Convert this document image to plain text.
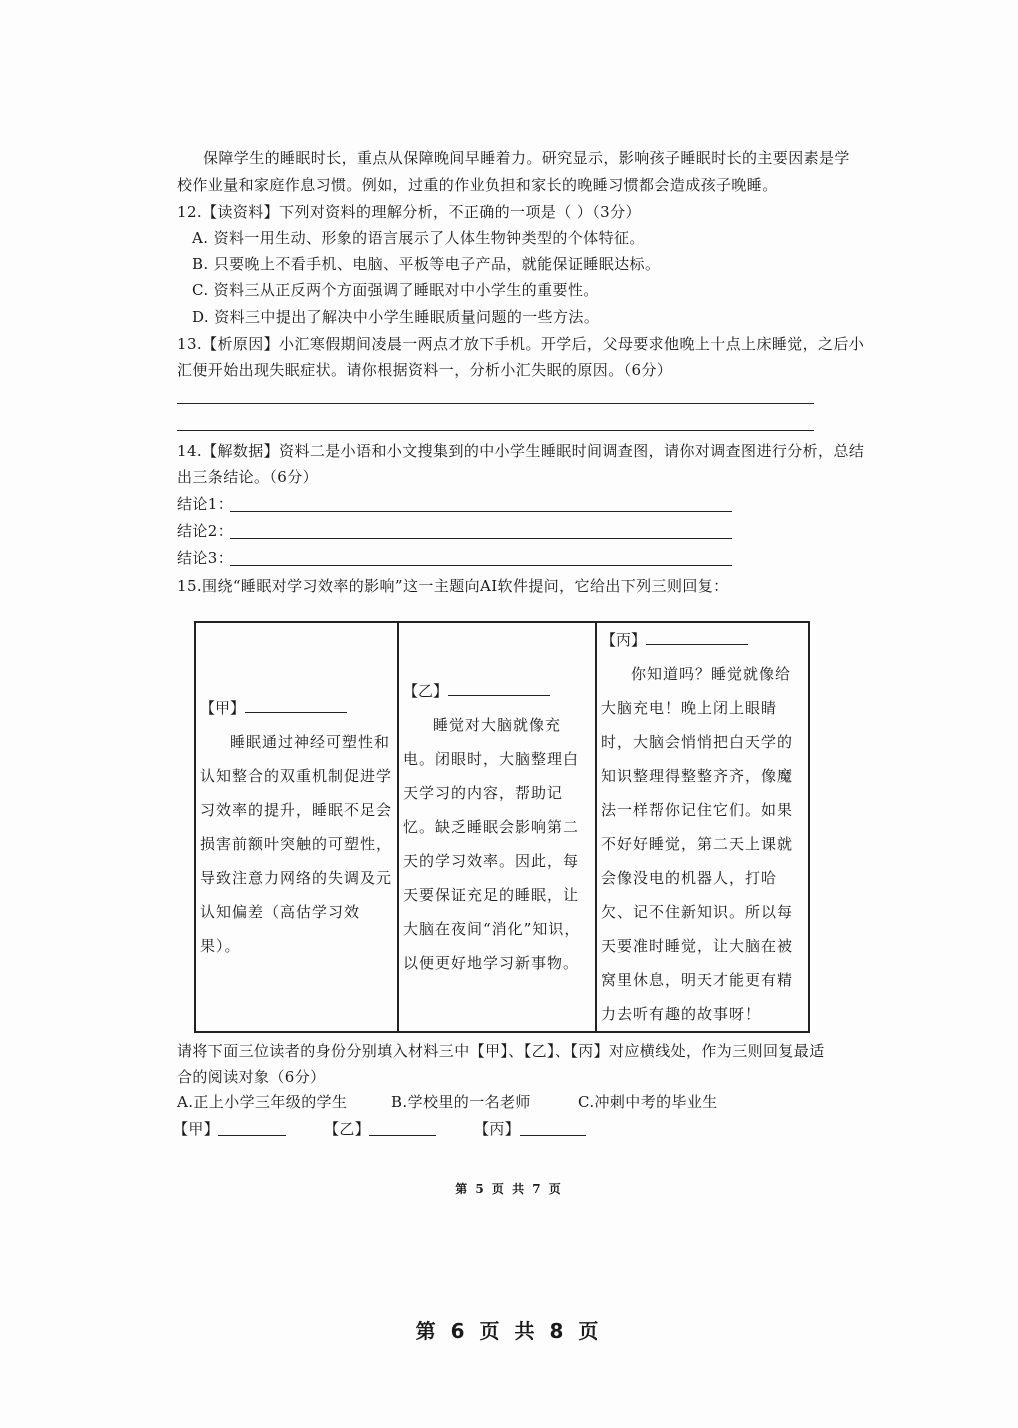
保障学生的睡眠时长，重点从保障晚间早睡着力。研究显示，影响孩子睡眠时长的主要因素是学
校作业量和家庭作息习惯。例如，过重的作业负担和家长的晚睡习惯都会造成孩子晚睡。
12.【读资料】下列对资料的理解分析，不正确的一项是（ ）（3分）
A. 资料一用生动、形象的语言展示了人体生物钟类型的个体特征。
B. 只要晚上不看手机、电脑、平板等电子产品，就能保证睡眠达标。
C. 资料三从正反两个方面强调了睡眠对中小学生的重要性。
D. 资料三中提出了解决中小学生睡眠质量问题的一些方法。
13.【析原因】小汇寒假期间凌晨一两点才放下手机。开学后，父母要求他晚上十点上床睡觉，之后小
汇便开始出现失眠症状。请你根据资料一，分析小汇失眠的原因。（6分）
14.【解数据】资料二是小语和小文搜集到的中小学生睡眠时间调查图，请你对调查图进行分析，总结
出三条结论。（6分）
结论1：
结论2：
结论3：
15.围绕“睡眠对学习效率的影响”这一主题向AI软件提问，它给出下列三则回复：
【甲】
睡眠通过神经可塑性和认知整合的双重机制促进学习效率的提升，睡眠不足会损害前额叶突触的可塑性，导致注意力网络的失调及元认知偏差（高估学习效果）。

【乙】
睡觉对大脑就像充电。闭眼时，大脑整理白天学习的内容，帮助记忆。缺乏睡眠会影响第二天的学习效率。因此，每天要保证充足的睡眠，让大脑在夜间“消化”知识，以便更好地学习新事物。

【丙】
你知道吗？睡觉就像给大脑充电！晚上闭上眼睛时，大脑会悄悄把白天学的知识整理得整整齐齐，像魔法一样帮你记住它们。如果不好好睡觉，第二天上课就会像没电的机器人，打哈欠、记不住新知识。所以每天要准时睡觉，让大脑在被窝里休息，明天才能更有精力去听有趣的故事呀！
请将下面三位读者的身份分别填入材料三中【甲】、【乙】、【丙】对应横线处，作为三则回复最适
合的阅读对象（6分）
A.正上小学三年级的学生	B.学校里的一名老师	C.冲刺中考的毕业生
【甲】	【乙】	【丙】
第 5 页 共 7 页
第 6 页 共 8 页
